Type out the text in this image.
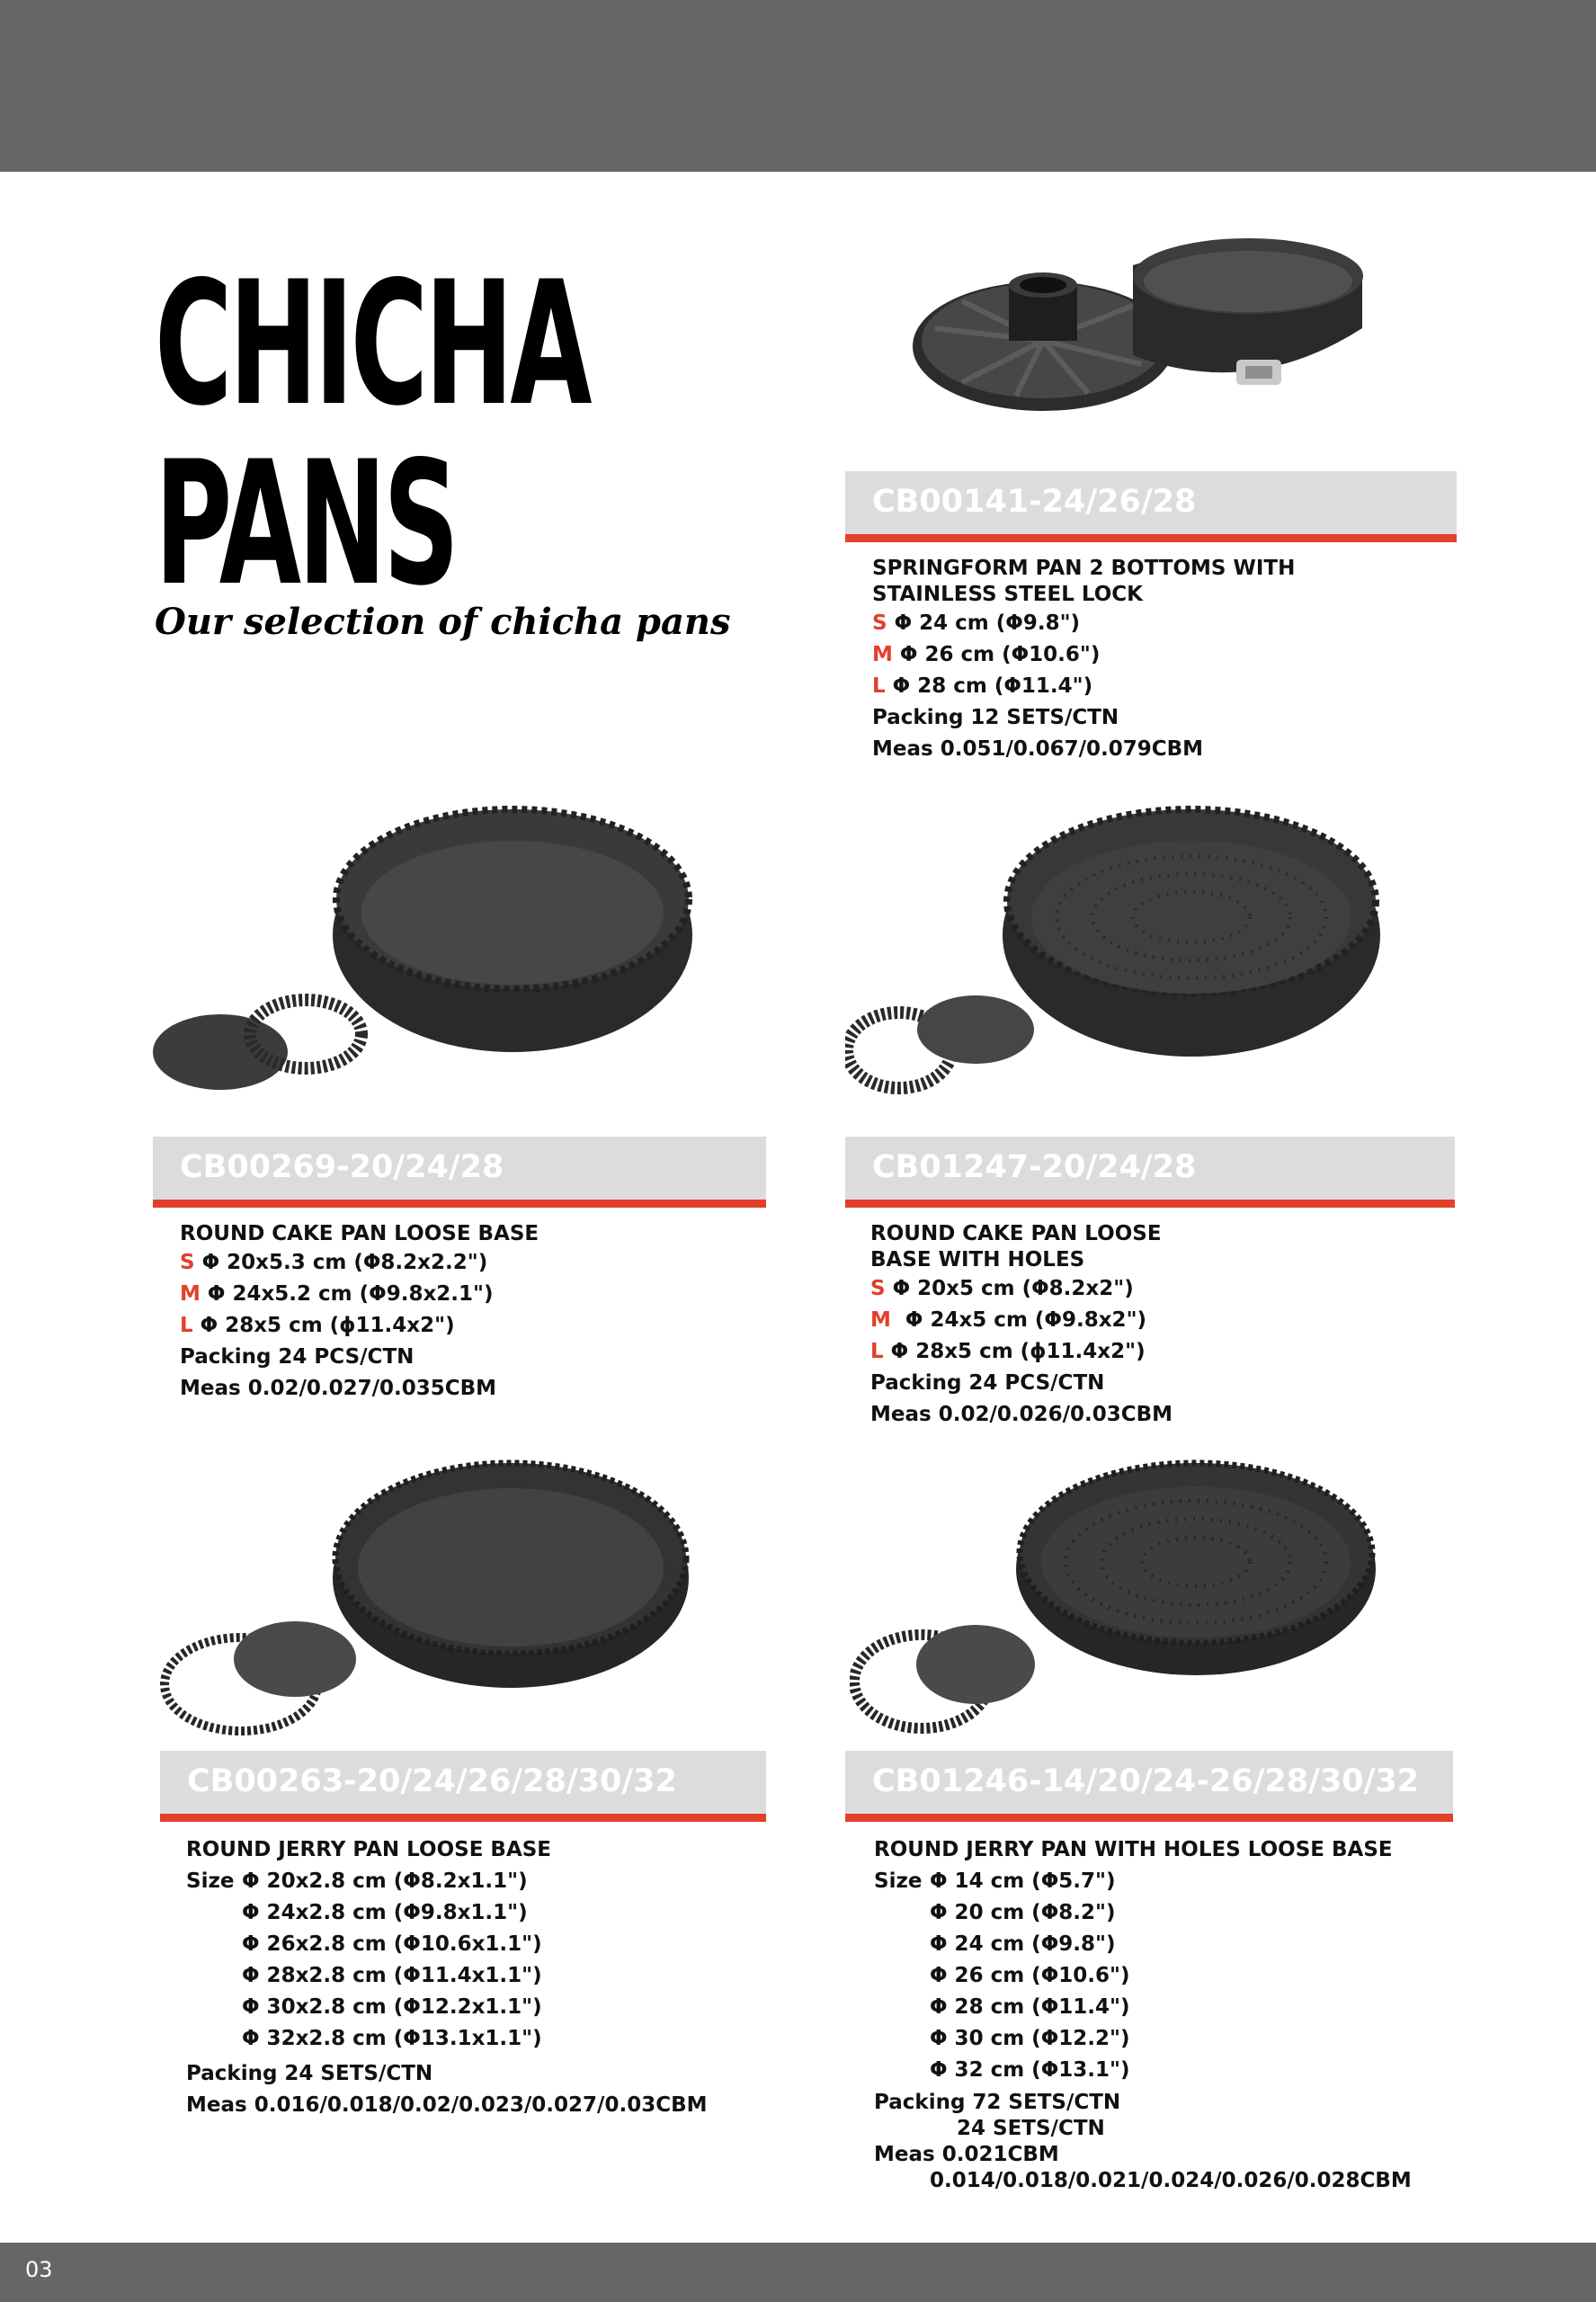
CHICHA
PANS
Our selection of chicha pans
CB00141-24/26/28
SPRINGFORM PAN 2 BOTTOMS WITH
STAINLESS STEEL LOCK
S Φ 24 cm (Φ9.8")
M Φ 26 cm (Φ10.6")
L Φ 28 cm (Φ11.4")
Packing 12 SETS/CTN
Meas 0.051/0.067/0.079CBM
CB00269-20/24/28
ROUND CAKE PAN LOOSE BASE
S Φ 20x5.3 cm (Φ8.2x2.2")
M Φ 24x5.2 cm (Φ9.8x2.1")
L Φ 28x5 cm (ϕ11.4x2")
Packing 24 PCS/CTN
Meas 0.02/0.027/0.035CBM
CB01247-20/24/28
ROUND CAKE PAN LOOSE
BASE WITH HOLES
S Φ 20x5 cm (Φ8.2x2")
M Φ 24x5 cm (Φ9.8x2")
L Φ 28x5 cm (ϕ11.4x2")
Packing 24 PCS/CTN
Meas 0.02/0.026/0.03CBM
CB00263-20/24/26/28/30/32
ROUND JERRY PAN LOOSE BASE
Size Φ 20x2.8 cm (Φ8.2x1.1")
Φ 24x2.8 cm (Φ9.8x1.1")
Φ 26x2.8 cm (Φ10.6x1.1")
Φ 28x2.8 cm (Φ11.4x1.1")
Φ 30x2.8 cm (Φ12.2x1.1")
Φ 32x2.8 cm (Φ13.1x1.1")
Packing 24 SETS/CTN
Meas 0.016/0.018/0.02/0.023/0.027/0.03CBM
CB01246-14/20/24-26/28/30/32
ROUND JERRY PAN WITH HOLES LOOSE BASE
Size Φ 14 cm (Φ5.7")
Φ 20 cm (Φ8.2")
Φ 24 cm (Φ9.8")
Φ 26 cm (Φ10.6")
Φ 28 cm (Φ11.4")
Φ 30 cm (Φ12.2")
Φ 32 cm (Φ13.1")
Packing 72 SETS/CTN
24 SETS/CTN
Meas 0.021CBM
0.014/0.018/0.021/0.024/0.026/0.028CBM
03
